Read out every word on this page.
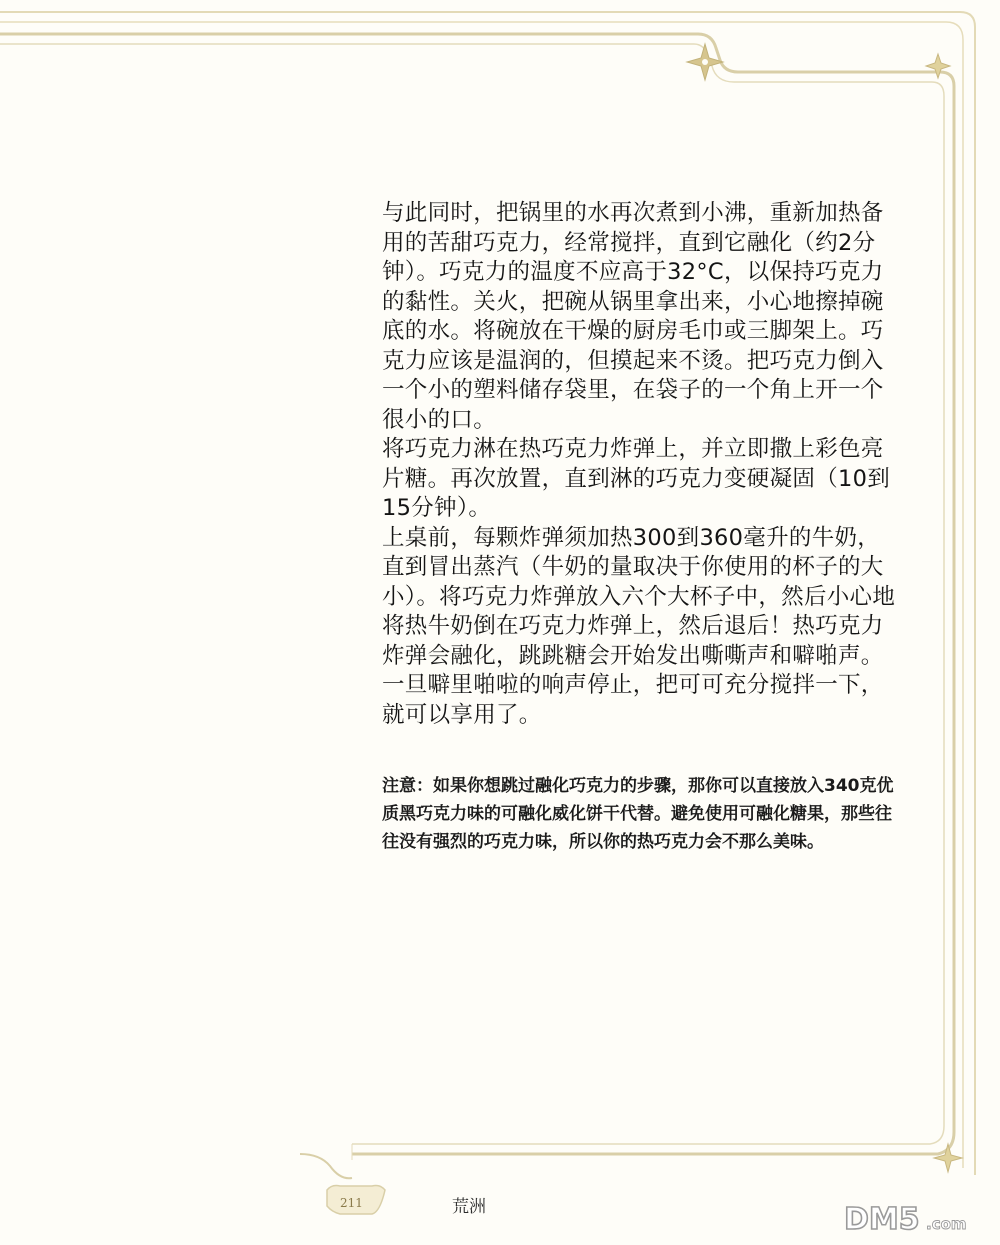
与此同时，把锅里的水再次煮到小沸，重新加热备用的苦甜巧克力，经常搅拌，直到它融化（约2分钟）。巧克力的温度不应高于32°C，以保持巧克力的黏性。关火，把碗从锅里拿出来，小心地擦掉碗底的水。将碗放在干燥的厨房毛巾或三脚架上。巧克力应该是温润的，但摸起来不烫。把巧克力倒入一个小的塑料储存袋里，在袋子的一个角上开一个很小的口。

将巧克力淋在热巧克力炸弹上，并立即撒上彩色亮片糖。再次放置，直到淋的巧克力变硬凝固（10到15分钟）。

上桌前，每颗炸弹须加热300到360毫升的牛奶，直到冒出蒸汽（牛奶的量取决于你使用的杯子的大小）。将巧克力炸弹放入六个大杯子中，然后小心地将热牛奶倒在巧克力炸弹上，然后退后！热巧克力炸弹会融化，跳跳糖会开始发出嘶嘶声和噼啪声。一旦噼里啪啦的响声停止，把可可充分搅拌一下，就可以享用了。

注意：如果你想跳过融化巧克力的步骤，那你可以直接放入340克优质黑巧克力味的可融化威化饼干代替。避免使用可融化糖果，那些往往没有强烈的巧克力味，所以你的热巧克力会不那么美味。
211	荒洲	DM5 .com
